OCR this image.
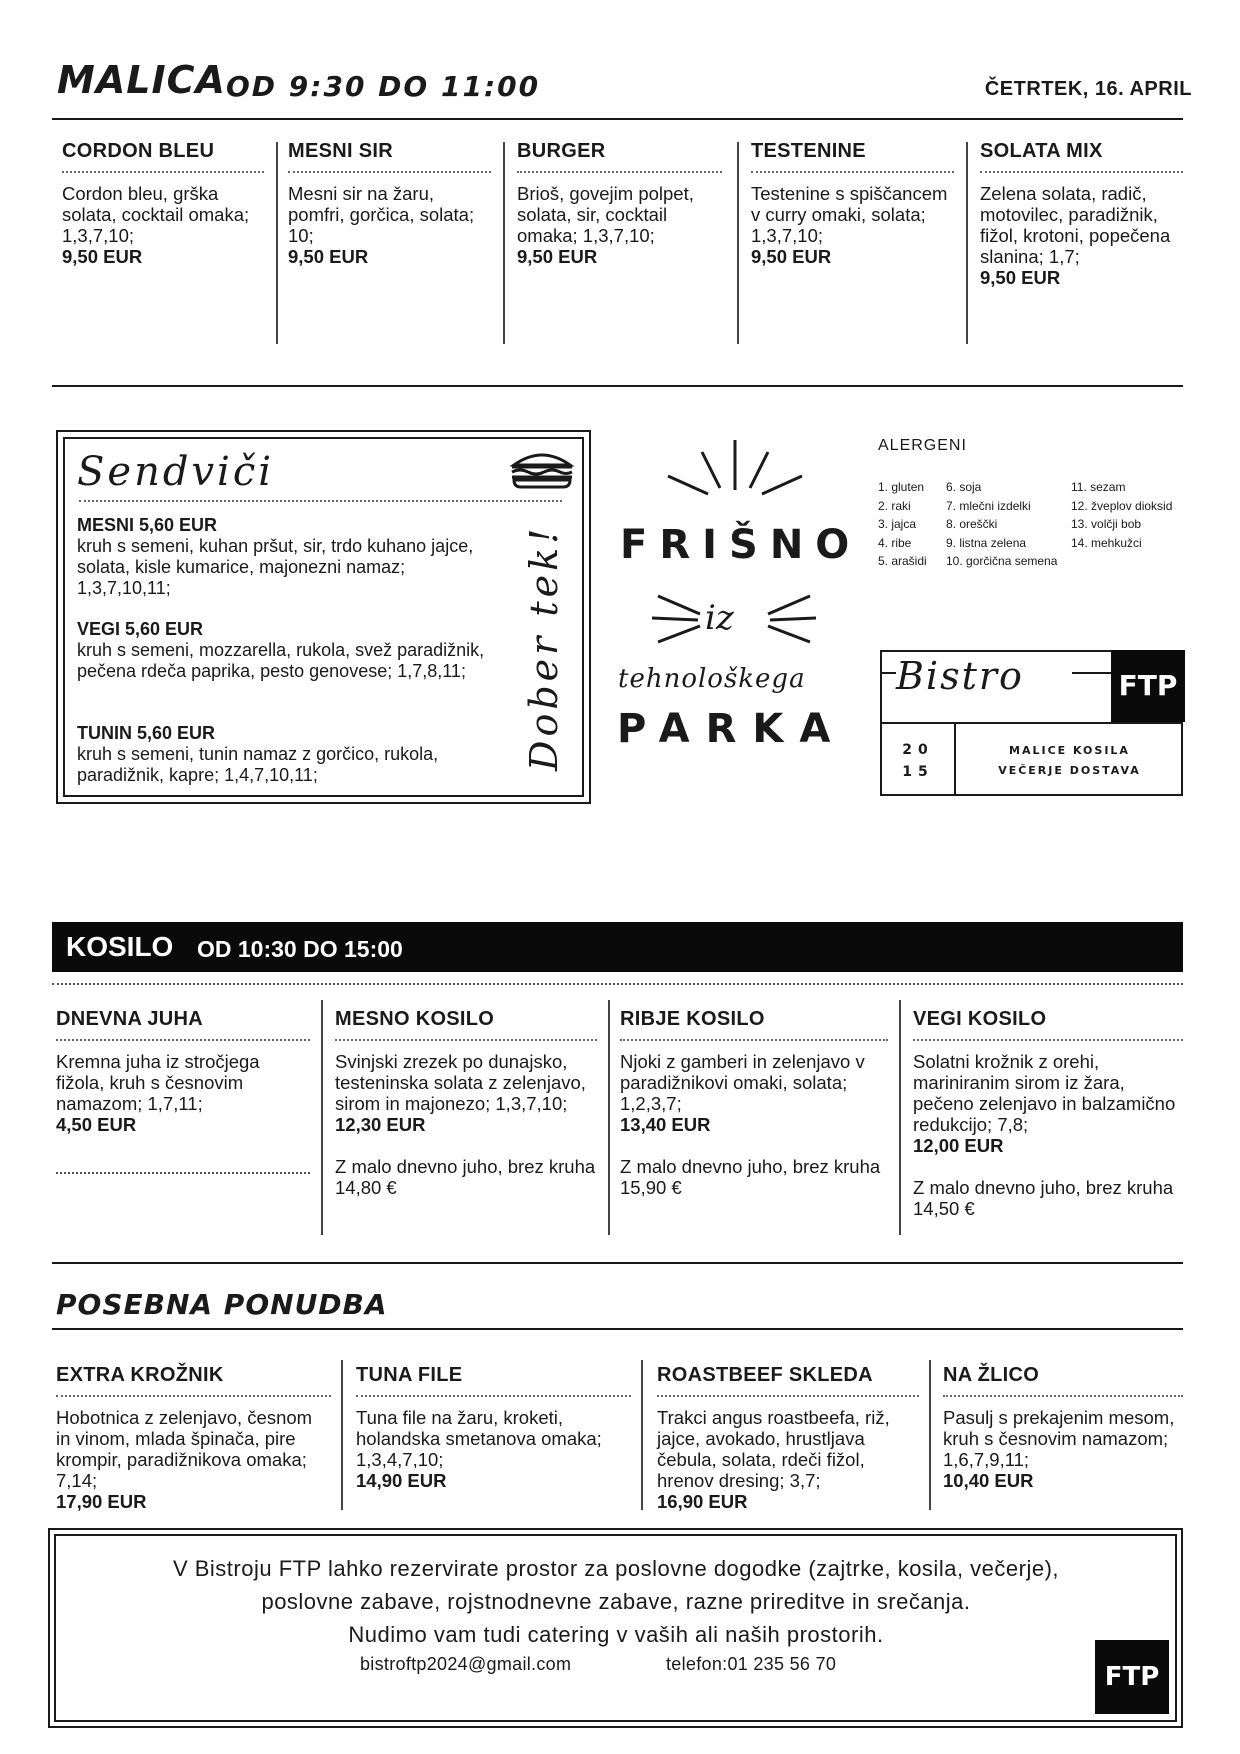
MALICA OD 9:30 DO 11:00	ČETRTEK, 16. APRIL
CORDON BLEU
Cordon bleu, grška solata, cocktail omaka; 1,3,7,10;
9,50 EUR
MESNI SIR
Mesni sir na žaru, pomfri, gorčica, solata; 10;
9,50 EUR
BURGER
Brioš, govejim polpet, solata, sir, cocktail omaka; 1,3,7,10;
9,50 EUR
TESTENINE
Testenine s spiščancem v curry omaki, solata; 1,3,7,10;
9,50 EUR
SOLATA MIX
Zelena solata, radič, motovilec, paradižnik, fižol, krotoni, popečena slanina; 1,7;
9,50 EUR
Sendviči
MESNI 5,60 EUR
kruh s semeni, kuhan pršut, sir, trdo kuhano jajce, solata, kisle kumarice, majonezni namaz; 1,3,7,10,11;
VEGI 5,60 EUR
kruh s semeni, mozzarella, rukola, svež paradižnik, pečena rdeča paprika, pesto genovese; 1,7,8,11;
TUNIN 5,60 EUR
kruh s semeni, tunin namaz z gorčico, rukola, paradižnik, kapre; 1,4,7,10,11;
Dober tek! FRIŠNO
iz
tehnološkega
PARKA
ALERGENI
1. gluten
2. raki
3. jajca
4. ribe
5. arašidi
6. soja
7. mlečni izdelki
8. oreščki
9. listna zelena
10. gorčična semena
11. sezam
12. žveplov dioksid
13. volčji bob
14. mehkužci
Bistro	FTP
20
15
MALICE KOSILA
VEČERJE DOSTAVA
KOSILO OD 10:30 DO 15:00
DNEVNA JUHA
Kremna juha iz stročjega fižola, kruh s česnovim namazom; 1,7,11;
4,50 EUR
MESNO KOSILO
Svinjski zrezek po dunajsko, testeninska solata z zelenjavo, sirom in majonezo; 1,3,7,10;
12,30 EUR
Z malo dnevno juho, brez kruha 14,80 €
RIBJE KOSILO
Njoki z gamberi in zelenjavo v paradižnikovi omaki, solata; 1,2,3,7;
13,40 EUR
Z malo dnevno juho, brez kruha 15,90 €
VEGI KOSILO
Solatni krožnik z orehi, mariniranim sirom iz žara, pečeno zelenjavo in balzamično redukcijo; 7,8;
12,00 EUR
Z malo dnevno juho, brez kruha 14,50 €
POSEBNA PONUDBA
EXTRA KROŽNIK
Hobotnica z zelenjavo, česnom in vinom, mlada špinača, pire krompir, paradižnikova omaka; 7,14;
17,90 EUR
TUNA FILE
Tuna file na žaru, kroketi, holandska smetanova omaka; 1,3,4,7,10;
14,90 EUR
ROASTBEEF SKLEDA
Trakci angus roastbeefa, riž, jajce, avokado, hrustljava čebula, solata, rdeči fižol, hrenov dresing; 3,7;
16,90 EUR
NA ŽLICO
Pasulj s prekajenim mesom, kruh s česnovim namazom; 1,6,7,9,11;
10,40 EUR
V Bistroju FTP lahko rezervirate prostor za poslovne dogodke (zajtrke, kosila, večerje),
poslovne zabave, rojstnodnevne zabave, razne prireditve in srečanja.
Nudimo vam tudi catering v vaših ali naših prostorih.
bistroftp2024@gmail.com	telefon:01 235 56 70	FTP
